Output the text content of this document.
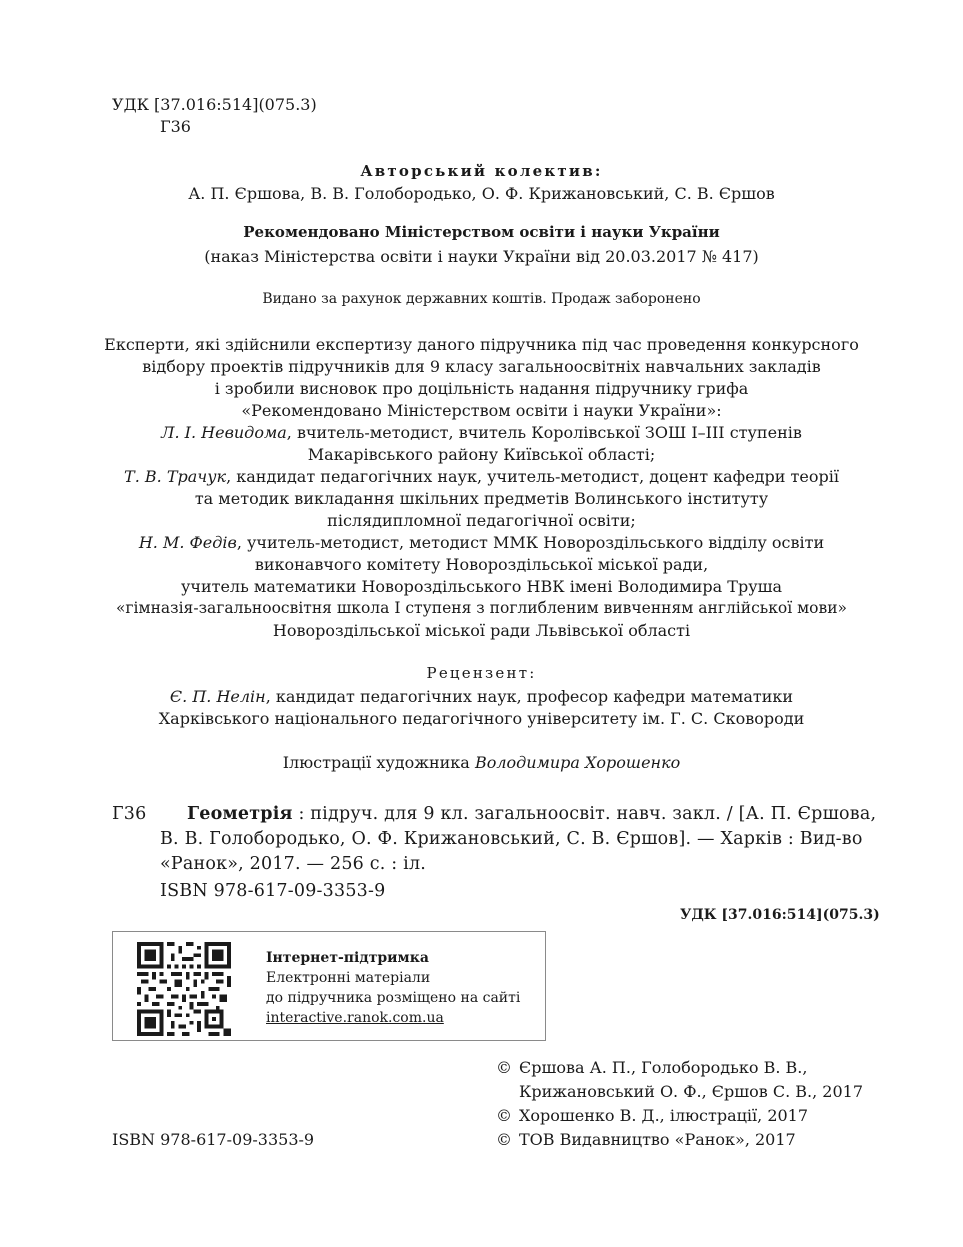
УДК [37.016:514](075.3)
Г36
Авторський колектив:
А. П. Єршова, В. В. Голобородько, О. Ф. Крижановський, С. В. Єршов
Рекомендовано Міністерством освіти і науки України
(наказ Міністерства освіти і науки України від 20.03.2017 № 417)
Видано за рахунок державних коштів. Продаж заборонено
Експерти, які здійснили експертизу даного підручника під час проведення конкурсного
відбору проектів підручників для 9 класу загальноосвітніх навчальних закладів
і зробили висновок про доцільність надання підручнику грифа
«Рекомендовано Міністерством освіти і науки України»:
Л. І. Невидома, вчитель-методист, вчитель Королівської ЗОШ І–ІІІ ступенів
Макарівського району Київської області;
Т. В. Трачук, кандидат педагогічних наук, учитель-методист, доцент кафедри теорії
та методик викладання шкільних предметів Волинського інституту
післядипломної педагогічної освіти;
Н. М. Федів, учитель-методист, методист ММК Новороздільського відділу освіти
виконавчого комітету Новороздільської міської ради,
учитель математики Новороздільського НВК імені Володимира Труша
«гімназія-загальноосвітня школа І ступеня з поглибленим вивченням англійської мови»
Новороздільської міської ради Львівської області
Рецензент:
Є. П. Нелін, кандидат педагогічних наук, професор кафедри математики
Харківського національного педагогічного університету ім. Г. С. Сковороди
Ілюстрації художника Володимира Хорошенко
Г36 Геометрія : підруч. для 9 кл. загальноосвіт. навч. закл. / [А. П. Єршова,
В. В. Голобородько, О. Ф. Крижановський, С. В. Єршов]. — Харків : Вид-во
«Ранок», 2017. — 256 с. : іл.
ISBN 978-617-09-3353-9
УДК [37.016:514](075.3)
Інтернет-підтримка
Електронні матеріали
до підручника розміщено на сайті
interactive.ranok.com.ua
ISBN 978-617-09-3353-9
© Єршова А. П., Голобородько В. В.,
Крижановський О. Ф., Єршов С. В., 2017
© Хорошенко В. Д., ілюстрації, 2017
© ТОВ Видавництво «Ранок», 2017
